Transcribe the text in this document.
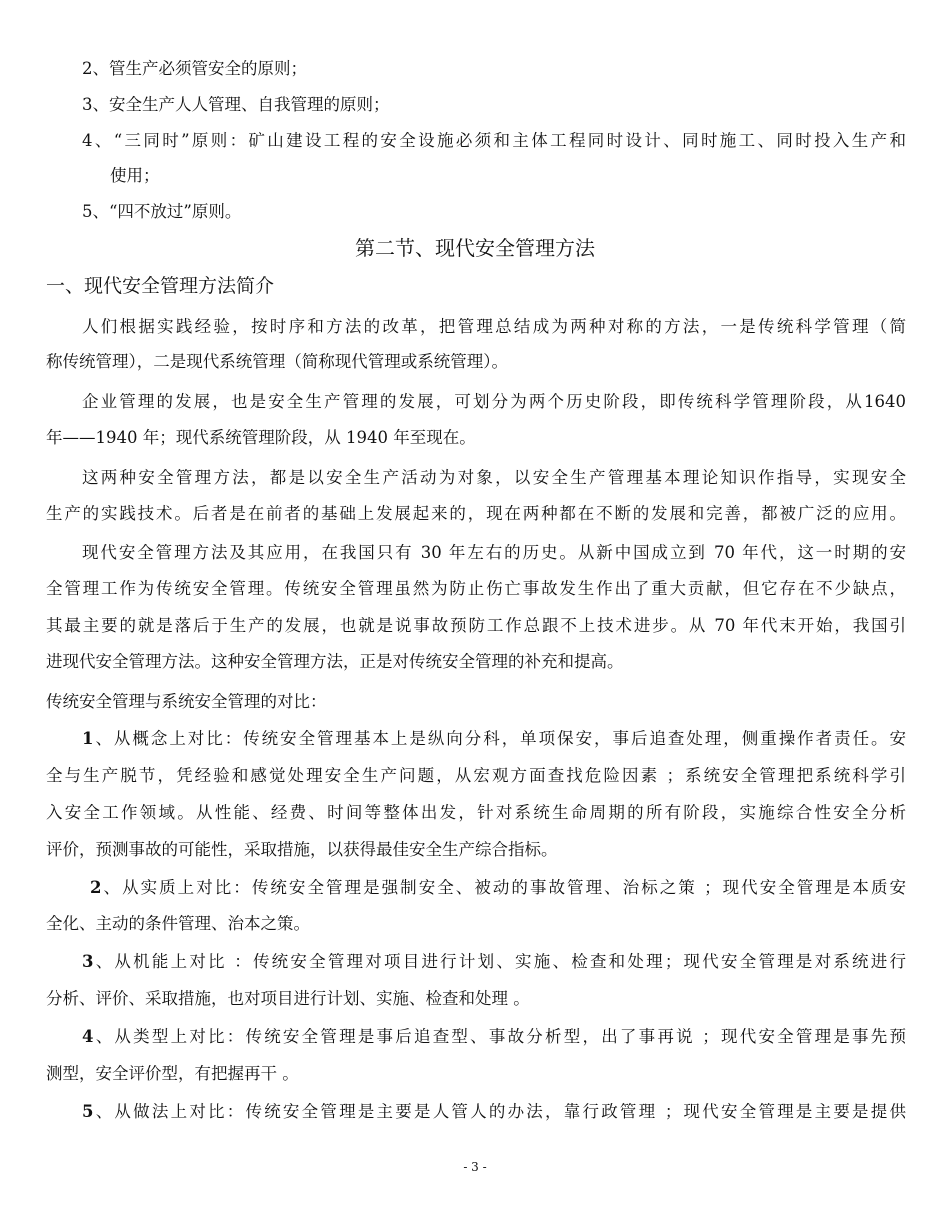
2、管生产必须管安全的原则；
3、安全生产人人管理、自我管理的原则；
4、“三同时”原则：矿山建设工程的安全设施必须和主体工程同时设计、同时施工、同时投入生产和
使用；
5、“四不放过”原则。
第二节、现代安全管理方法
一、现代安全管理方法简介
人们根据实践经验，按时序和方法的改革，把管理总结成为两种对称的方法，一是传统科学管理（简
称传统管理），二是现代系统管理（简称现代管理或系统管理）。
企业管理的发展，也是安全生产管理的发展，可划分为两个历史阶段，即传统科学管理阶段，从1640
年——1940 年；现代系统管理阶段，从 1940 年至现在。
这两种安全管理方法，都是以安全生产活动为对象，以安全生产管理基本理论知识作指导，实现安全
生产的实践技术。后者是在前者的基础上发展起来的，现在两种都在不断的发展和完善，都被广泛的应用。
现代安全管理方法及其应用，在我国只有 30 年左右的历史。从新中国成立到 70 年代，这一时期的安
全管理工作为传统安全管理。传统安全管理虽然为防止伤亡事故发生作出了重大贡献，但它存在不少缺点，
其最主要的就是落后于生产的发展，也就是说事故预防工作总跟不上技术进步。从 70 年代末开始，我国引
进现代安全管理方法。这种安全管理方法，正是对传统安全管理的补充和提高。
传统安全管理与系统安全管理的对比：
1、从概念上对比：传统安全管理基本上是纵向分科，单项保安，事后追查处理，侧重操作者责任。安
全与生产脱节，凭经验和感觉处理安全生产问题，从宏观方面查找危险因素 ；系统安全管理把系统科学引
入安全工作领域。从性能、经费、时间等整体出发，针对系统生命周期的所有阶段，实施综合性安全分析
评价，预测事故的可能性，采取措施，以获得最佳安全生产综合指标。
2、从实质上对比：传统安全管理是强制安全、被动的事故管理、治标之策 ；现代安全管理是本质安
全化、主动的条件管理、治本之策。
3、从机能上对比 ：传统安全管理对项目进行计划、实施、检查和处理；现代安全管理是对系统进行
分析、评价、采取措施，也对项目进行计划、实施、检查和处理 。
4、从类型上对比：传统安全管理是事后追查型、事故分析型，出了事再说 ；现代安全管理是事先预
测型，安全评价型，有把握再干 。
5、从做法上对比：传统安全管理是主要是人管人的办法，靠行政管理 ；现代安全管理是主要是提供
- 3 -
